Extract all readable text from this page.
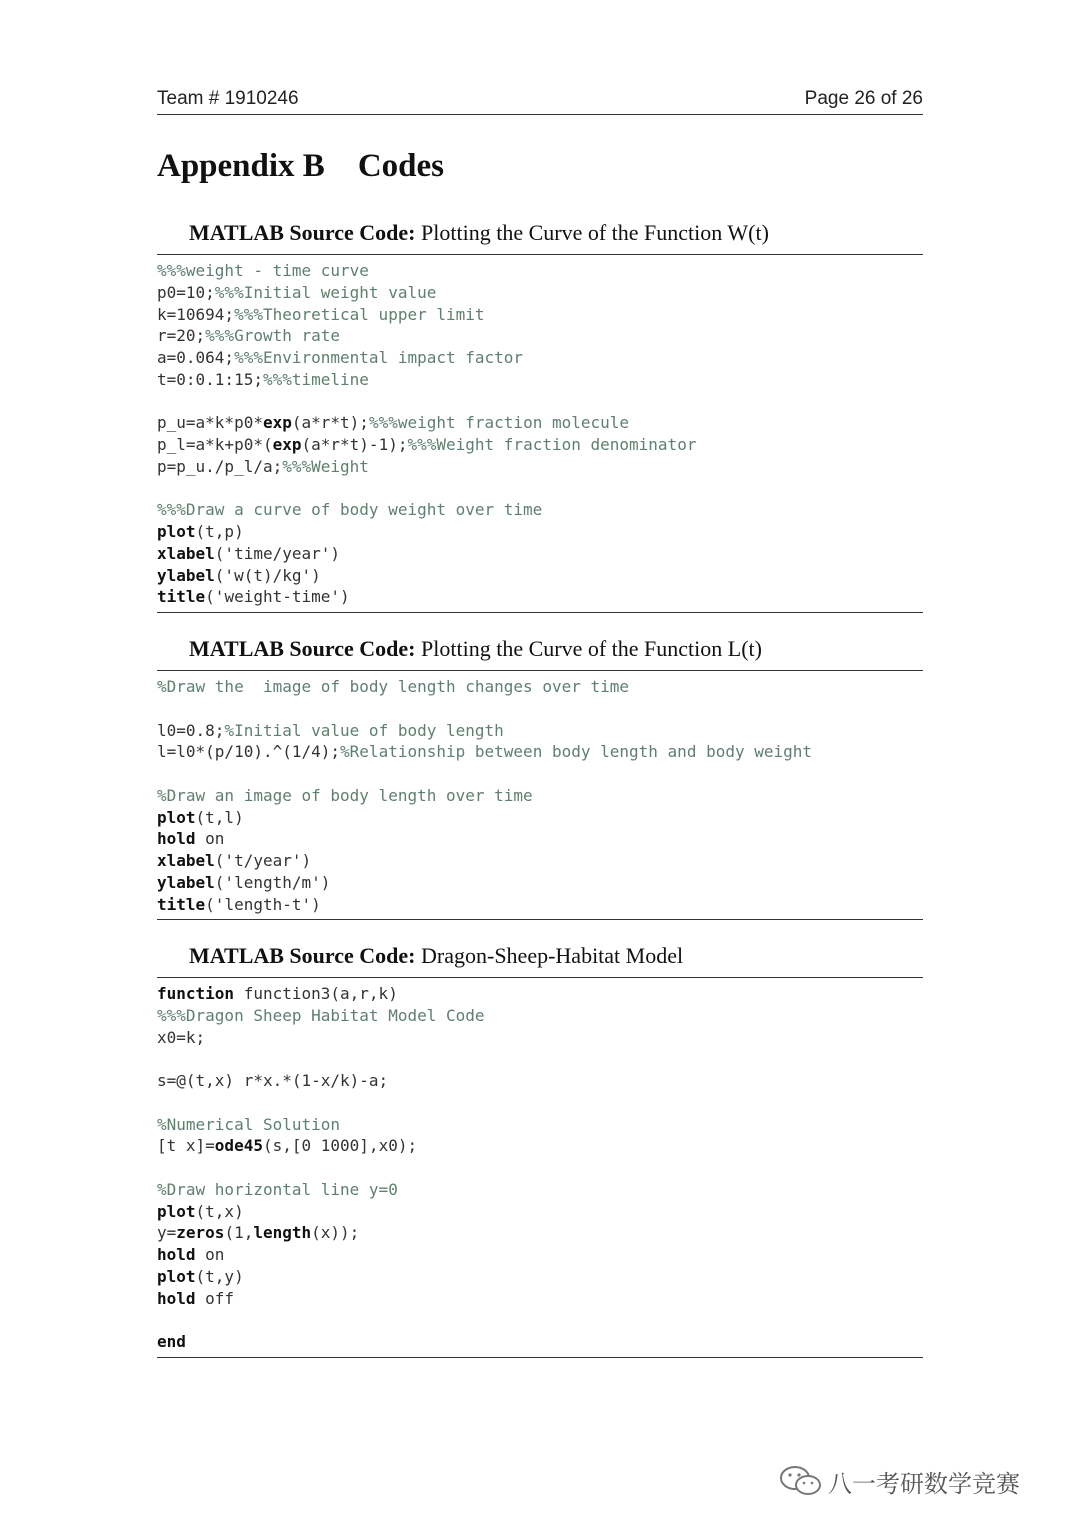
Team # 1910246	Page 26 of 26
Appendix B    Codes
MATLAB Source Code: Plotting the Curve of the Function W(t)
%%%weight - time curve
p0=10;%%%Initial weight value
k=10694;%%%Theoretical upper limit
r=20;%%%Growth rate
a=0.064;%%%Environmental impact factor
t=0:0.1:15;%%%timeline

p_u=a*k*p0*exp(a*r*t);%%%weight fraction molecule
p_l=a*k+p0*(exp(a*r*t)-1);%%%Weight fraction denominator
p=p_u./p_l/a;%%%Weight

%%%Draw a curve of body weight over time
plot(t,p)
xlabel('time/year')
ylabel('w(t)/kg')
title('weight-time')
MATLAB Source Code: Plotting the Curve of the Function L(t)
%Draw the  image of body length changes over time

l0=0.8;%Initial value of body length
l=l0*(p/10).^(1/4);%Relationship between body length and body weight

%Draw an image of body length over time
plot(t,l)
hold on
xlabel('t/year')
ylabel('length/m')
title('length-t')
MATLAB Source Code: Dragon-Sheep-Habitat Model
function function3(a,r,k)
%%%Dragon Sheep Habitat Model Code
x0=k;

s=@(t,x) r*x.*(1-x/k)-a;

%Numerical Solution
[t x]=ode45(s,[0 1000],x0);

%Draw horizontal line y=0
plot(t,x)
y=zeros(1,length(x));
hold on
plot(t,y)
hold off

end
八一考研数学竞赛
